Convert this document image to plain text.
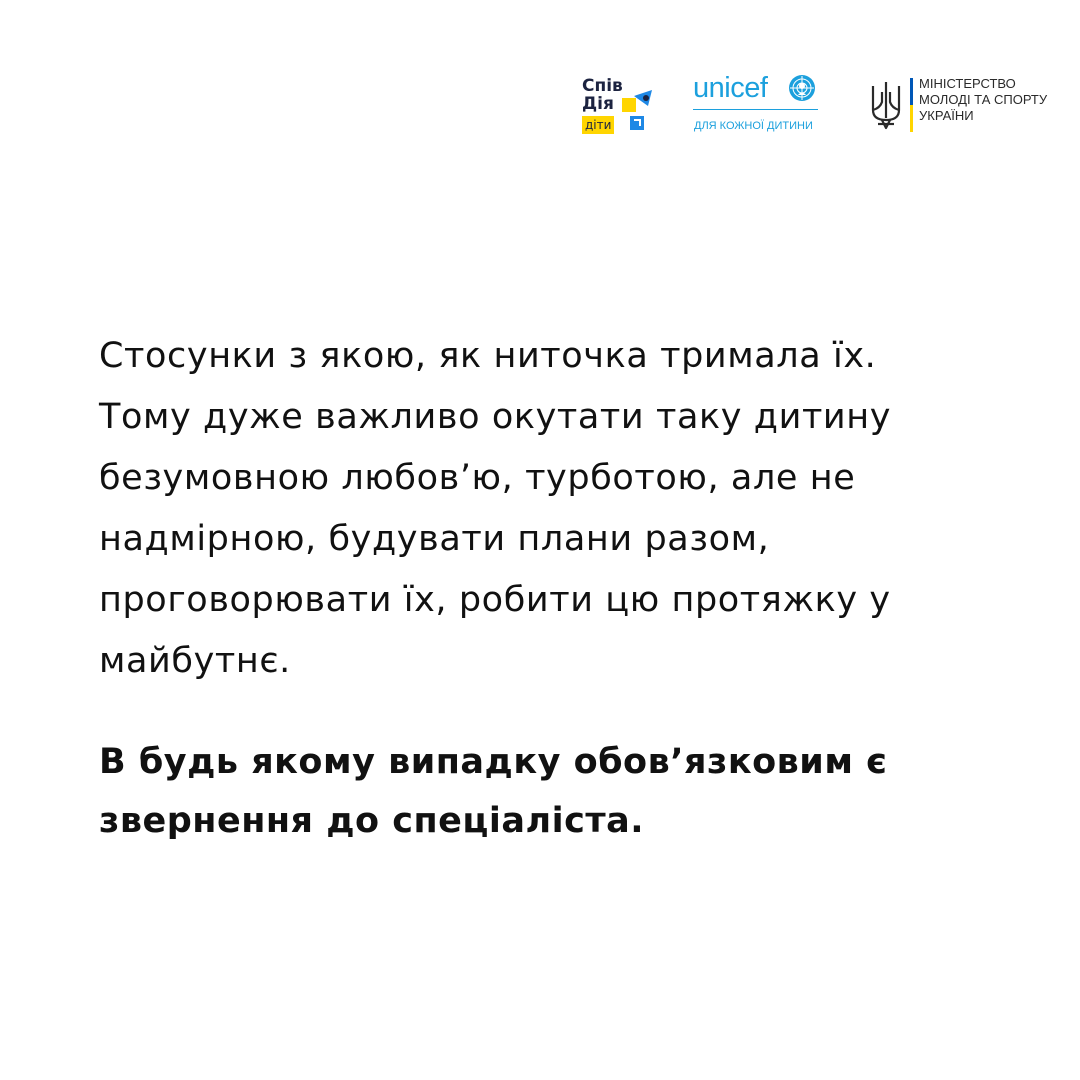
Спів
Дія
діти
unicef
ДЛЯ КОЖНОЇ ДИТИНИ
МІНІСТЕРСТВО
МОЛОДІ ТА СПОРТУ
УКРАЇНИ

Стосунки з якою, як ниточка тримала їх.
Тому дуже важливо окутати таку дитину
безумовною любов’ю, турботою, але не
надмірною, будувати плани разом,
проговорювати їх, робити цю протяжку у
майбутнє.

В будь якому випадку обов’язковим є
звернення до спеціаліста.
